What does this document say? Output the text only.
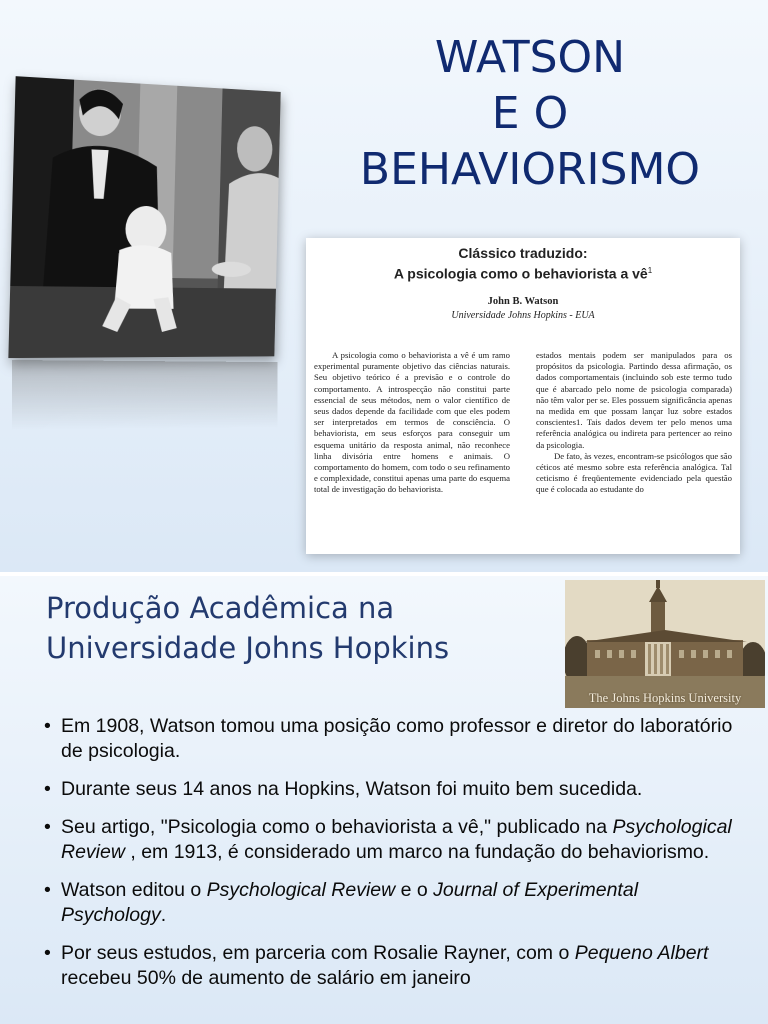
WATSON
E O
BEHAVIORISMO
Clássico traduzido:
A psicologia como o behaviorista a $vê^1$
John B. Watson
Universidade Johns Hopkins - EUA

A psicologia como o behaviorista a vê é um ramo experimental puramente objetivo das ciências naturais. Seu objetivo teórico é a previsão e o controle do comportamento. A introspecção não constitui parte essencial de seus métodos, nem o valor científico de seus dados depende da facilidade com que eles podem ser interpretados em termos de consciência. O behaviorista, em seus esforços para conseguir um esquema unitário da resposta animal, não reconhece linha divisória entre homens e animais. O comportamento do homem, com todo o seu refinamento e complexidade, constitui apenas uma parte do esquema total de investigação do behaviorista.

estados mentais podem ser manipulados para os propósitos da psicologia. Partindo dessa afirmação, os dados comportamentais (incluindo sob este termo tudo que é abarcado pelo nome de psicologia comparada) não têm valor per se. Eles possuem significância apenas na medida em que possam lançar luz sobre estados conscientes1. Tais dados devem ter pelo menos uma referência analógica ou indireta para pertencer ao reino da psicologia.

De fato, às vezes, encontram-se psicólogos que são céticos até mesmo sobre esta referência analógica. Tal ceticismo é freqüentemente evidenciado pela questão que é colocada ao estudante do

Produção Acadêmica na
Universidade Johns Hopkins
The Johns Hopkins University
• Em 1908, Watson tomou uma posição como professor e diretor do laboratório de psicologia.
• Durante seus 14 anos na Hopkins, Watson foi muito bem sucedida.
• Seu artigo, "Psicologia como o behaviorista a vê," publicado na Psychological Review , em 1913, é considerado um marco na fundação do behaviorismo.
• Watson editou o Psychological Review e o Journal of Experimental Psychology.
• Por seus estudos, em parceria com Rosalie Rayner, com o Pequeno Albert recebeu 50% de aumento de salário em janeiro
